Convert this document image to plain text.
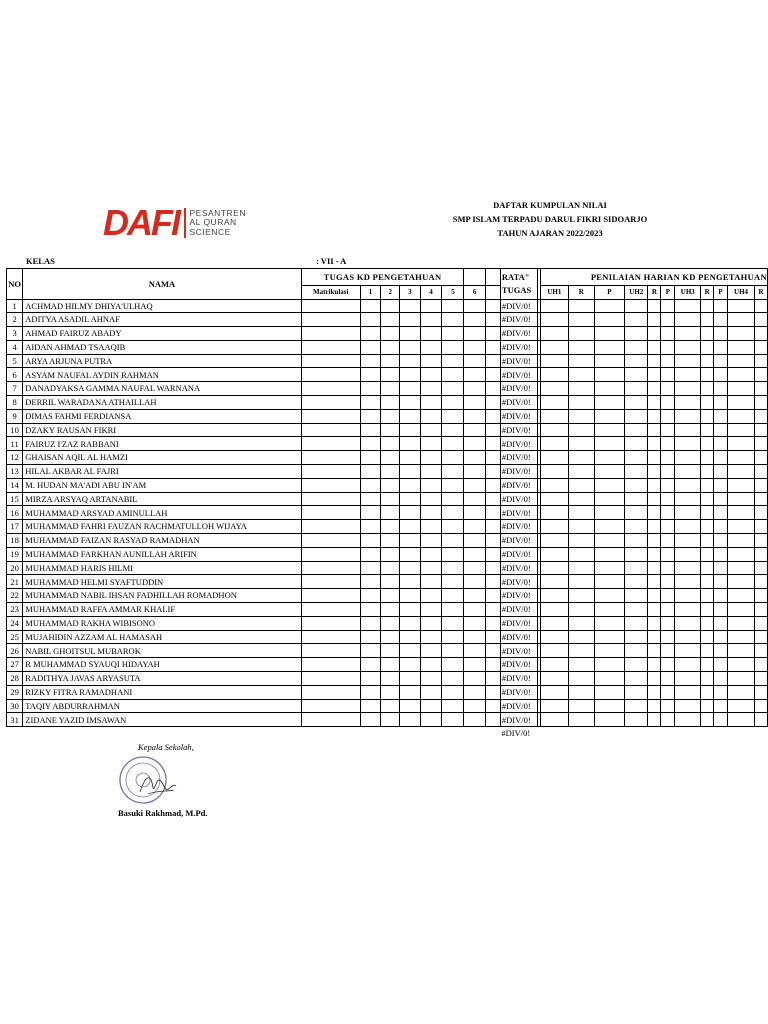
DAFI PESANTREN
AL QURAN
SCIENCE
DAFTAR KUMPULAN NILAI
SMP ISLAM TERPADU DARUL FIKRI SIDOARJO
TAHUN AJARAN 2022/2023
KELAS	: VII - A
NO	NAMA	TUGAS KD PENGETAHUAN								RATA"
TUGAS		PENILAIAN HARIAN KD PENGETAHUAN										
		Matrikulasi	1	2	3	4	5	6				UH1	R	P	UH2	R	P	UH3	R	P	UH4	R
1	ACHMAD HILMY DHIYA'ULHAQ									#DIV/0!												
2	ADITYA ASADIL AHNAF									#DIV/0!												
3	AHMAD FAIRUZ ABADY									#DIV/0!												
4	AIDAN AHMAD TSAAQIB									#DIV/0!												
5	ARYA ARJUNA PUTRA									#DIV/0!												
6	ASYAM NAUFAL AYDIN RAHMAN									#DIV/0!												
7	DANADYAKSA GAMMA NAUFAL WARNANA									#DIV/0!												
8	DERRIL WARADANA ATHAILLAH									#DIV/0!												
9	DIMAS FAHMI FERDIANSA									#DIV/0!												
10	DZAKY RAUSAN FIKRI									#DIV/0!												
11	FAIRUZ I'ZAZ RABBANI									#DIV/0!												
12	GHAISAN AQIL AL HAMZI									#DIV/0!												
13	HILAL AKBAR AL FAJRI									#DIV/0!												
14	M. HUDAN MA'ADI ABU IN'AM									#DIV/0!												
15	MIRZA ARSYAQ ARTANABIL									#DIV/0!												
16	MUHAMMAD ARSYAD AMINULLAH									#DIV/0!												
17	MUHAMMAD FAHRI FAUZAN RACHMATULLOH WIJAYA									#DIV/0!												
18	MUHAMMAD FAIZAN RASYAD RAMADHAN									#DIV/0!												
19	MUHAMMAD FARKHAN AUNILLAH ARIFIN									#DIV/0!												
20	MUHAMMAD HARIS HILMI									#DIV/0!												
21	MUHAMMAD HELMI SYAFTUDDIN									#DIV/0!												
22	MUHAMMAD NABIL IHSAN FADHILLAH ROMADHON									#DIV/0!												
23	MUHAMMAD RAFFA AMMAR KHALIF									#DIV/0!												
24	MUHAMMAD RAKHA WIBISONO									#DIV/0!												
25	MUJAHIDIN AZZAM AL HAMASAH									#DIV/0!												
26	NABIL GHOITSUL MUBAROK									#DIV/0!												
27	R MUHAMMAD SYAUQI HIDAYAH									#DIV/0!												
28	RADITHYA JAVAS ARYASUTA									#DIV/0!												
29	RIZKY FITRA RAMADHANI									#DIV/0!												
30	TAQIY ABDURRAHMAN									#DIV/0!												
31	ZIDANE YAZID IMSAWAN									#DIV/0!												
										#DIV/0!												
Kepala Sekolah,
Basuki Rakhmad, M.Pd.
